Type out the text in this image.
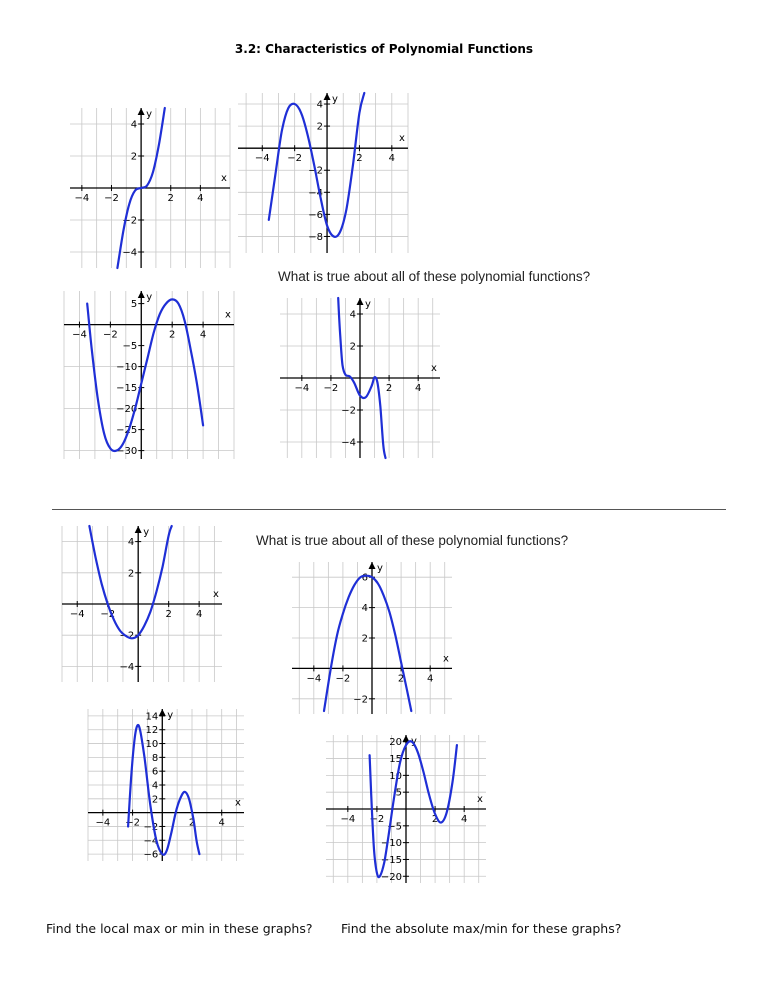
3.2: Characteristics of Polynomial Functions
y
x
−4 −2	2 4
4
2
−2
−4
y
x
−4 −2	2	4
4
2
−2
−4
−6
−8
What is true about all of these polynomial functions?
y
x
−4 −2	2 4
5
−5
−10
−15
−20
−25
−30
y
x
−4 −2	2 4
4
2
−2
−4
What is true about all of these polynomial functions?
y
x
−4 −2	2 4
4
2
−2
−4
y
x
−4 −2	2 4
6
4
2
−2
y
x
−4 −2	2 4
14
12
10
8
6
4
2
−2
−4
−6
y
x
−4 −2	2 4
20
15
10
5
−5
−10
−15
−20
Find the local max or min in these graphs? Find the absolute max/min for these graphs?
